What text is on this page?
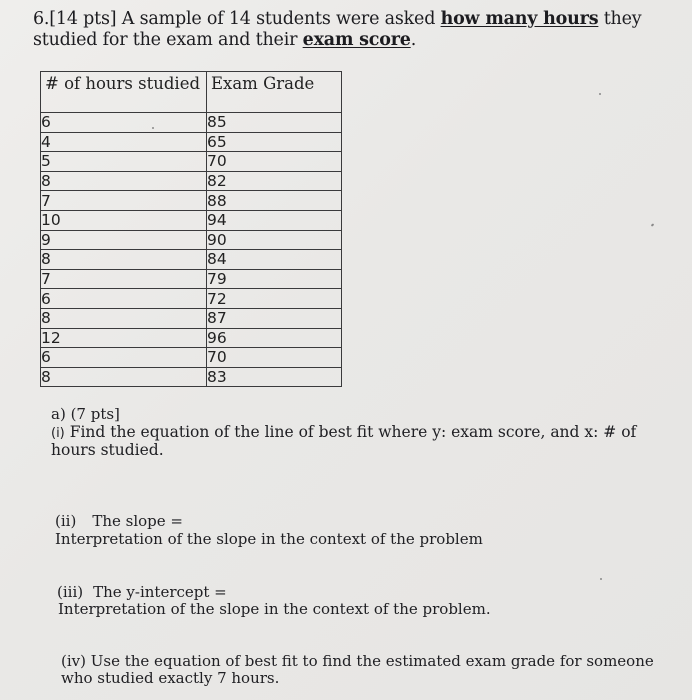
6.[14 pts] A sample of 14 students were asked how many hours they studied for the exam and their exam score.
# of hours studied	Exam Grade
6	85
4	65
5	70
8	82
7	88
10	94
9	90
8	84
7	79
6	72
8	87
12	96
6	70
8	83
a) (7 pts]
(i) Find the equation of the line of best fit where y: exam score, and x: # of hours studied.
(ii) The slope =
Interpretation of the slope in the context of the problem
(iii) The y-intercept =
Interpretation of the slope in the context of the problem.
(iv) Use the equation of best fit to find the estimated exam grade for someone who studied exactly 7 hours.
